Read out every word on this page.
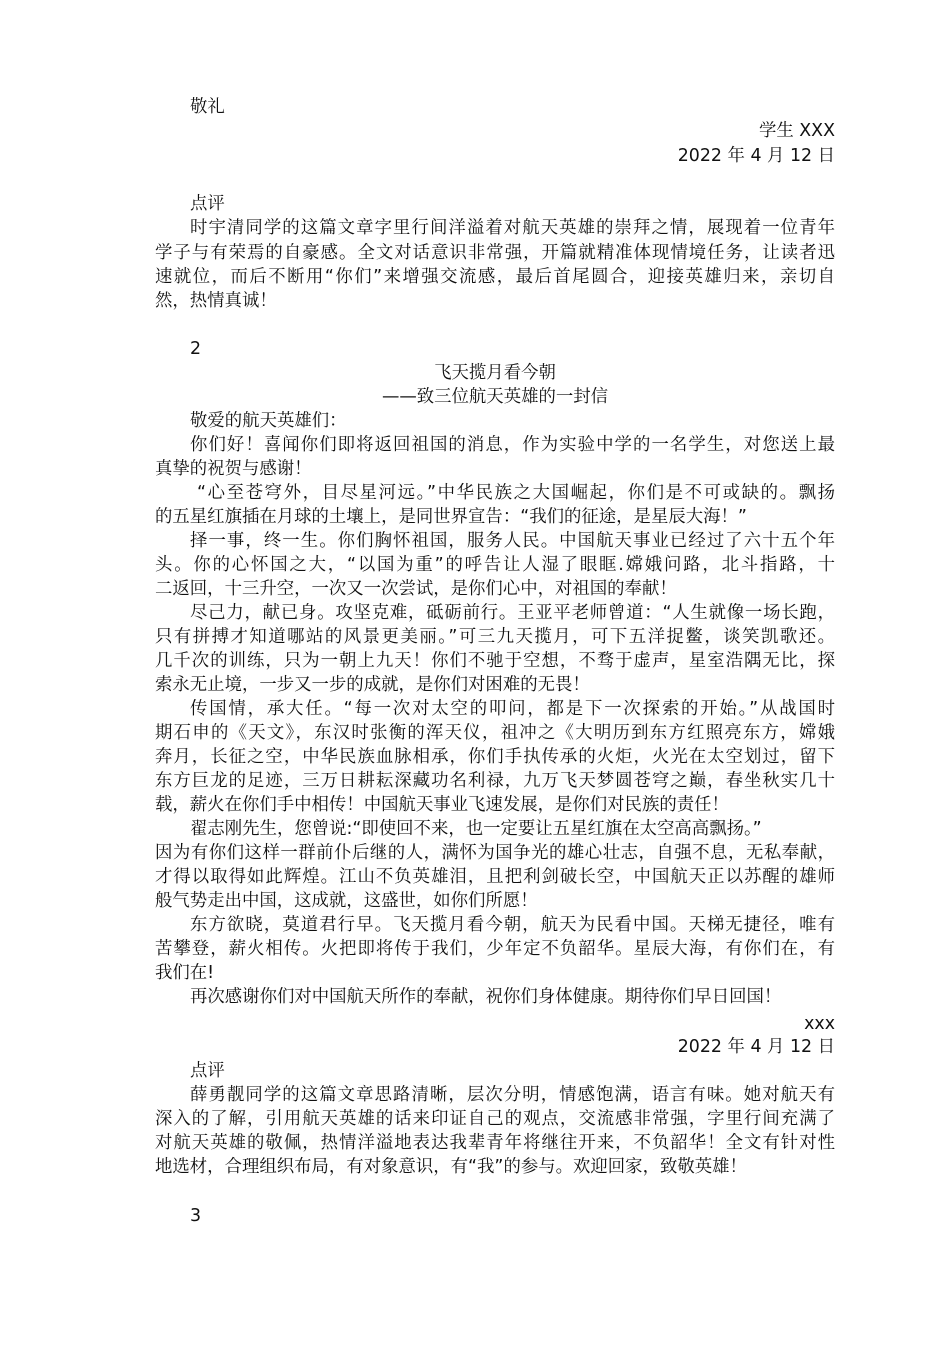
敬礼
学生 XXX
2022 年 4 月 12 日
点评
时宇清同学的这篇文章字里行间洋溢着对航天英雄的崇拜之情，展现着一位青年
学子与有荣焉的自豪感。全文对话意识非常强，开篇就精准体现情境任务，让读者迅
速就位，而后不断用“你们”来增强交流感，最后首尾圆合，迎接英雄归来，亲切自
然，热情真诚！
2
飞天揽月看今朝
——致三位航天英雄的一封信
敬爱的航天英雄们：
你们好！喜闻你们即将返回祖国的消息，作为实验中学的一名学生，对您送上最
真挚的祝贺与感谢！
“心至苍穹外，目尽星河远。”中华民族之大国崛起，你们是不可或缺的。飘扬
的五星红旗插在月球的土壤上，是同世界宣告：“我们的征途，是星辰大海！”
择一事，终一生。你们胸怀祖国，服务人民。中国航天事业已经过了六十五个年
头。你的心怀国之大，“以国为重”的呼告让人湿了眼眶.嫦娥问路，北斗指路，十
二返回，十三升空，一次又一次尝试，是你们心中，对祖国的奉献！
尽己力，献已身。攻坚克难，砥砺前行。王亚平老师曾道：“人生就像一场长跑，
只有拼搏才知道哪站的风景更美丽。”可三九天揽月，可下五洋捉鳖，谈笑凯歌还。
几千次的训练，只为一朝上九天！你们不驰于空想，不骛于虚声，星室浩隅无比，探
索永无止境，一步又一步的成就，是你们对困难的无畏！
传国情，承大任。“每一次对太空的叩问，都是下一次探索的开始。”从战国时
期石申的《天文》，东汉时张衡的浑天仪，祖冲之《大明历到东方红照亮东方，嫦娥
奔月，长征之空，中华民族血脉相承，你们手执传承的火炬，火光在太空划过，留下
东方巨龙的足迹，三万日耕耘深藏功名利禄，九万飞天梦圆苍穹之巅，春坐秋实几十
载，薪火在你们手中相传！中国航天事业飞速发展，是你们对民族的责任！
翟志刚先生，您曾说:“即使回不来，也一定要让五星红旗在太空高高飘扬。”
因为有你们这样一群前仆后继的人，满怀为国争光的雄心壮志，自强不息，无私奉献，
才得以取得如此辉煌。江山不负英雄泪，且把利剑破长空，中国航天正以苏醒的雄师
般气势走出中国，这成就，这盛世，如你们所愿！
东方欲晓，莫道君行早。飞天揽月看今朝，航天为民看中国。天梯无捷径，唯有
苦攀登，薪火相传。火把即将传于我们，少年定不负韶华。星辰大海，有你们在，有
我们在!
再次感谢你们对中国航天所作的奉献，祝你们身体健康。期待你们早日回国！
xxx
2022 年 4 月 12 日
点评
薛勇靓同学的这篇文章思路清晰，层次分明，情感饱满，语言有味。她对航天有
深入的了解，引用航天英雄的话来印证自己的观点，交流感非常强，字里行间充满了
对航天英雄的敬佩，热情洋溢地表达我辈青年将继往开来，不负韶华！全文有针对性
地选材，合理组织布局，有对象意识，有“我”的参与。欢迎回家，致敬英雄！
3
